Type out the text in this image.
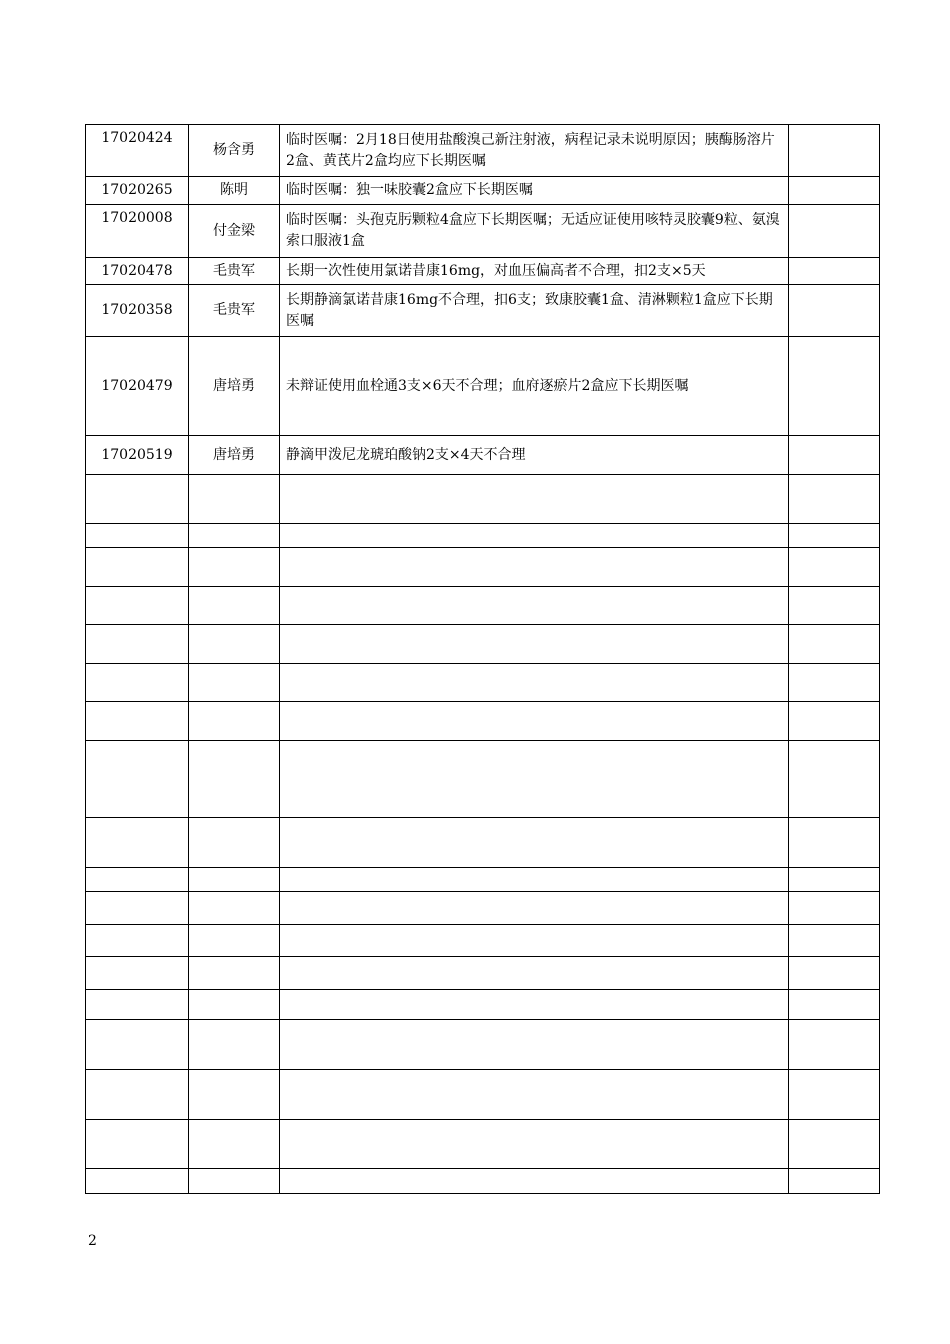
17020424	杨含勇	临时医嘱：2月18日使用盐酸溴己新注射液，病程记录未说明原因；胰酶肠溶片2盒、黄芪片2盒均应下长期医嘱	
17020265	陈明	临时医嘱：独一味胶囊2盒应下长期医嘱	
17020008	付金梁	临时医嘱：头孢克肟颗粒4盒应下长期医嘱；无适应证使用咳特灵胶囊9粒、氨溴索口服液1盒	
17020478	毛贵军	长期一次性使用氯诺昔康16mg，对血压偏高者不合理，扣2支×5天	
17020358	毛贵军	长期静滴氯诺昔康16mg不合理，扣6支；致康胶囊1盒、清淋颗粒1盒应下长期医嘱	
17020479	唐培勇	未辩证使用血栓通3支×6天不合理；血府逐瘀片2盒应下长期医嘱	
17020519	唐培勇	静滴甲泼尼龙琥珀酸钠2支×4天不合理	

2
